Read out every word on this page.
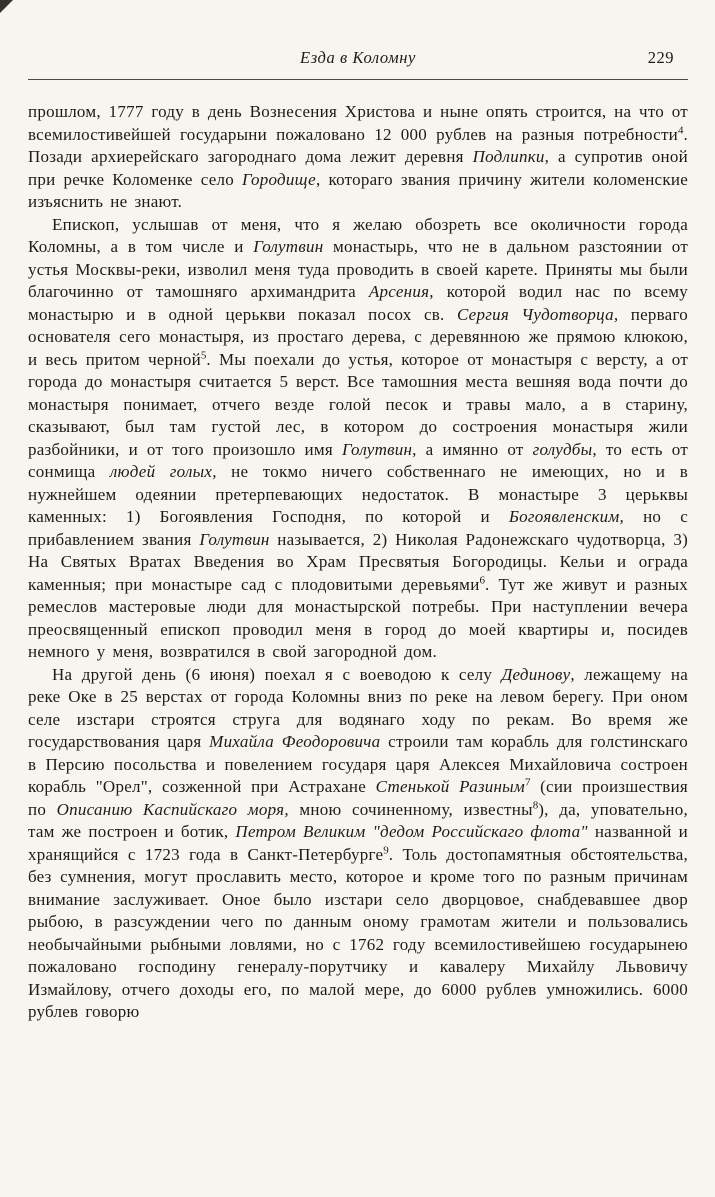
Езда в Коломну	229

прошлом, 1777 году в день Вознесения Христова и ныне опять строится, на что от всемилостивейшей государыни пожаловано 12 000 рублев на разныя потребности$^4$. Позади архиерейскаго загороднаго дома лежит деревня Подлипки, а супротив оной при речке Коломенке село Городище, котораго звания причину жители коломенские изъяснить не знают.

Епископ, услышав от меня, что я желаю обозреть все околичности города Коломны, а в том числе и Голутвин монастырь, что не в дальном разстоянии от устья Москвы-реки, изволил меня туда проводить в своей карете. Приняты мы были благочинно от тамошняго архимандрита Арсения, которой водил нас по всему монастырю и в одной церькви показал посох св. Сергия Чудотворца, перваго основателя сего монастыря, из простаго дерева, с деревянною же прямою клюкою, и весь притом черной$^5$. Мы поехали до устья, которое от монастыря с версту, а от города до монастыря считается 5 верст. Все тамошния места вешняя вода почти до монастыря понимает, отчего везде голой песок и травы мало, а в старину, сказывают, был там густой лес, в котором до состроения монастыря жили разбойники, и от того произошло имя Голутвин, а имянно от голудбы, то есть от сонмища людей голых, не токмо ничего собственнаго не имеющих, но и в нужнейшем одеянии претерпевающих недостаток. В монастыре 3 церьквы каменных: 1) Богоявления Господня, по которой и Богоявленским, но с прибавлением звания Голутвин называется, 2) Николая Радонежскаго чудотворца, 3) На Святых Вратах Введения во Храм Пресвятыя Богородицы. Кельи и ограда каменныя; при монастыре сад с плодовитыми деревьями$^6$. Тут же живут и разных ремеслов мастеровые люди для монастырской потребы. При наступлении вечера преосвященный епископ проводил меня в город до моей квартиры и, посидев немного у меня, возвратился в свой загородной дом.

На другой день (6 июня) поехал я с воеводою к селу Дединову, лежащему на реке Оке в 25 верстах от города Коломны вниз по реке на левом берегу. При оном селе изстари строятся струга для водянаго ходу по рекам. Во время же государствования царя Михайла Феодоровича строили там корабль для голстинскаго в Персию посольства и повелением государя царя Алексея Михайловича состроен корабль "Орел", созженной при Астрахане Стенькой Разиным$^7$ (сии произшествия по Описанию Каспийскаго моря, мною сочиненному, известны$^8$), да, уповательно, там же построен и ботик, Петром Великим "дедом Российскаго флота" названной и хранящийся с 1723 года в Санкт-Петербурге$^9$. Толь достопамятныя обстоятельства, без сумнения, могут прославить место, которое и кроме того по разным причинам внимание заслуживает. Оное было изстари село дворцовое, снабдевавшее двор рыбою, в разсуждении чего по данным оному грамотам жители и пользовались необычайными рыбными ловлями, но с 1762 году всемилостивейшею государынею пожаловано господину генералу-порутчику и кавалеру Михайлу Львовичу Измайлову, отчего доходы его, по малой мере, до 6000 рублев умножились. 6000 рублев говорю
